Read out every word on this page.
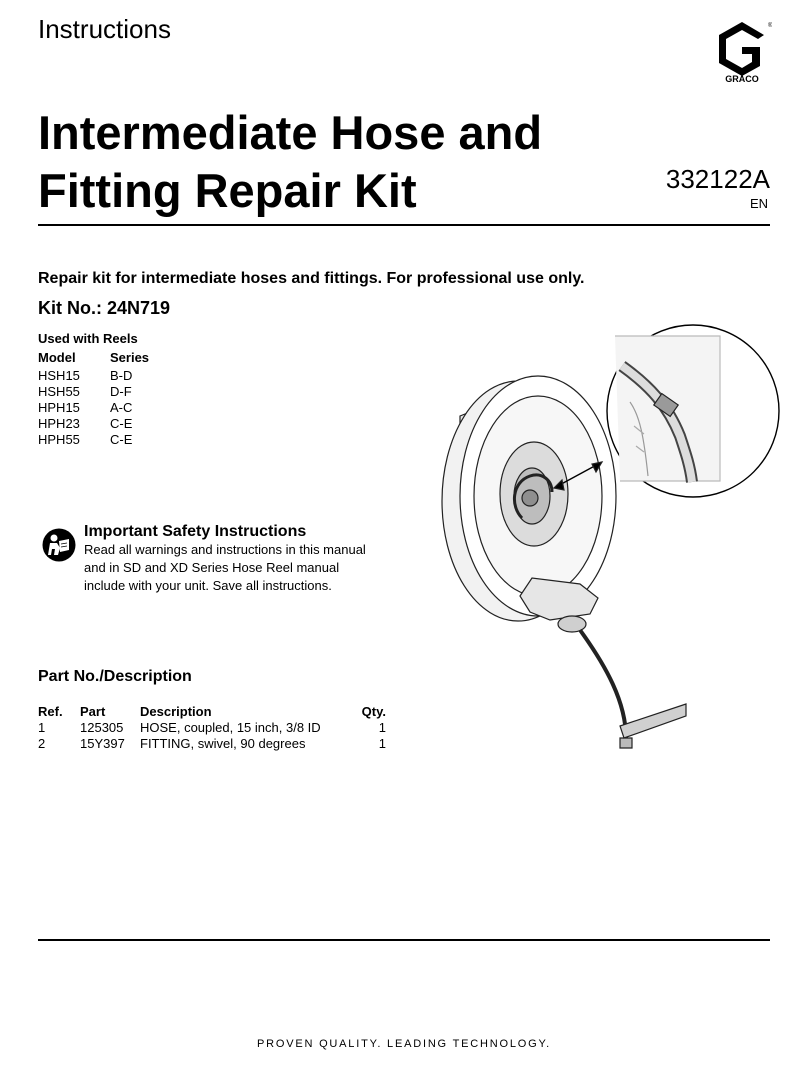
Instructions	®
GRACO
Intermediate Hose and
Fitting Repair Kit	332122A
EN
Repair kit for intermediate hoses and fittings. For professional use only.
Kit No.: 24N719
Used with Reels
Model	Series
HSH15	B-D
HSH55	D-F
HPH15	A-C
HPH23	C-E
HPH55	C-E
Important Safety Instructions
Read all warnings and instructions in this manual and in SD and XD Series Hose Reel manual include with your unit. Save all instructions.
Part No./Description
Ref.	Part	Description	Qty.
1	125305	HOSE, coupled, 15 inch, 3/8 ID	1
2	15Y397	FITTING, swivel, 90 degrees	1
PROVEN QUALITY. LEADING TECHNOLOGY.
